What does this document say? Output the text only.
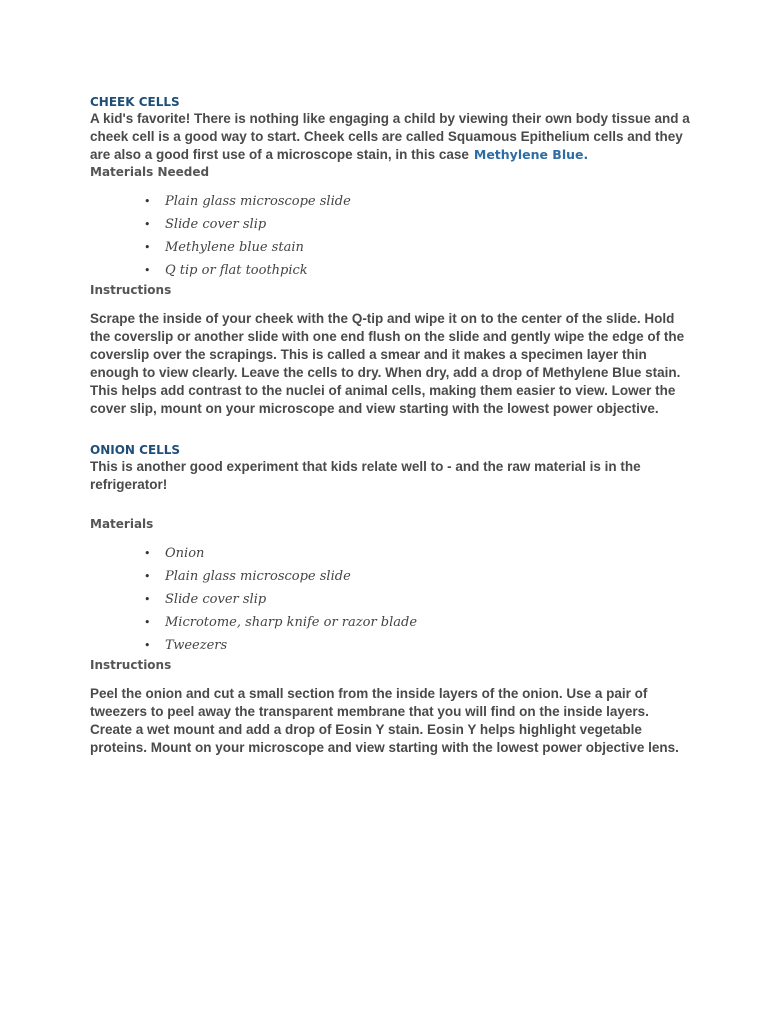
CHEEK CELLS

A kid's favorite! There is nothing like engaging a child by viewing their own body tissue and a cheek cell is a good way to start. Cheek cells are called Squamous Epithelium cells and they are also a good first use of a microscope stain, in this case Methylene Blue.

Materials Needed

• Plain glass microscope slide
• Slide cover slip
• Methylene blue stain
• Q tip or flat toothpick

Instructions

Scrape the inside of your cheek with the Q-tip and wipe it on to the center of the slide. Hold the coverslip or another slide with one end flush on the slide and gently wipe the edge of the coverslip over the scrapings. This is called a smear and it makes a specimen layer thin enough to view clearly. Leave the cells to dry. When dry, add a drop of Methylene Blue stain. This helps add contrast to the nuclei of animal cells, making them easier to view. Lower the cover slip, mount on your microscope and view starting with the lowest power objective.

ONION CELLS

This is another good experiment that kids relate well to - and the raw material is in the refrigerator!

Materials

• Onion
• Plain glass microscope slide
• Slide cover slip
• Microtome, sharp knife or razor blade
• Tweezers

Instructions

Peel the onion and cut a small section from the inside layers of the onion. Use a pair of tweezers to peel away the transparent membrane that you will find on the inside layers. Create a wet mount and add a drop of Eosin Y stain. Eosin Y helps highlight vegetable proteins. Mount on your microscope and view starting with the lowest power objective lens.
